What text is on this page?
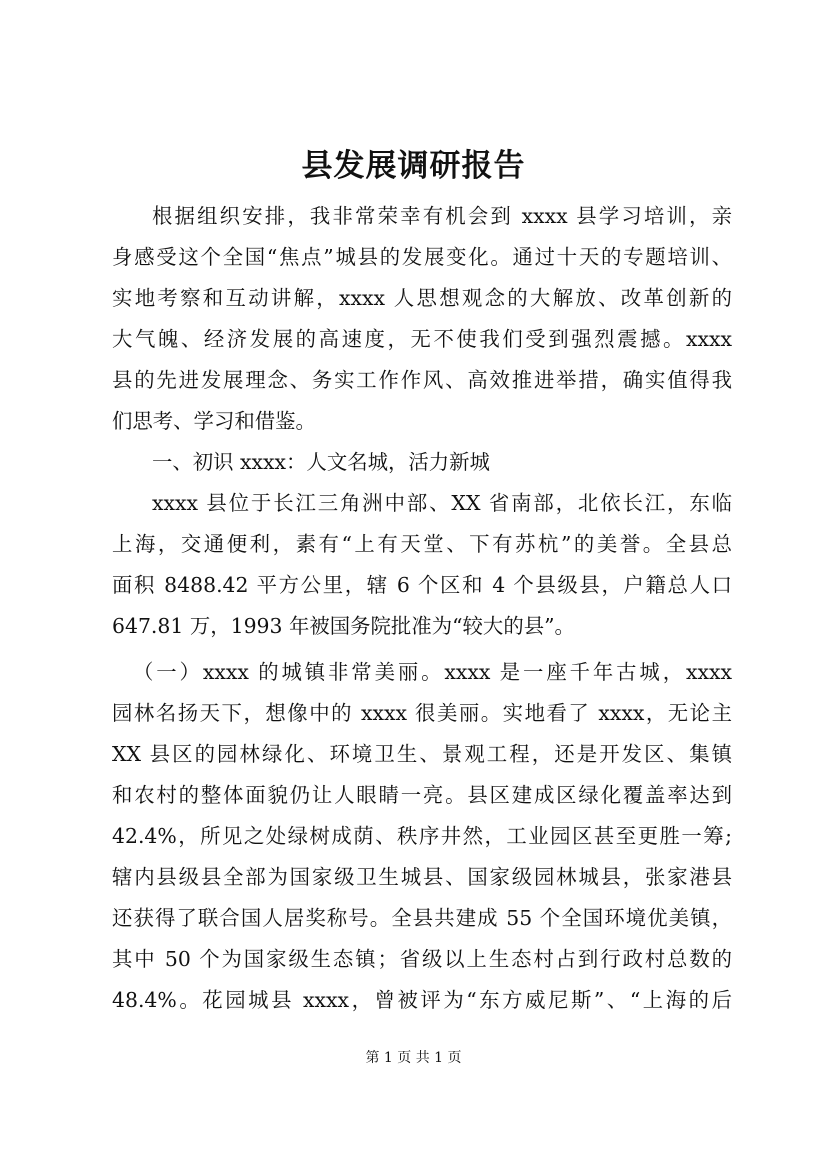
县发展调研报告
根据组织安排，我非常荣幸有机会到 xxxx 县学习培训，亲
身感受这个全国“焦点”城县的发展变化。通过十天的专题培训、
实地考察和互动讲解，xxxx 人思想观念的大解放、改革创新的
大气魄、经济发展的高速度，无不使我们受到强烈震撼。xxxx
县的先进发展理念、务实工作作风、高效推进举措，确实值得我
们思考、学习和借鉴。
一、初识 xxxx：人文名城，活力新城
xxxx 县位于长江三角洲中部、XX 省南部，北依长江，东临
上海，交通便利，素有“上有天堂、下有苏杭”的美誉。全县总
面积 8488.42 平方公里，辖 6 个区和 4 个县级县，户籍总人口
647.81 万，1993 年被国务院批准为“较大的县”。
（一）xxxx 的城镇非常美丽。xxxx 是一座千年古城，xxxx
园林名扬天下，想像中的 xxxx 很美丽。实地看了 xxxx，无论主
XX 县区的园林绿化、环境卫生、景观工程，还是开发区、集镇
和农村的整体面貌仍让人眼睛一亮。县区建成区绿化覆盖率达到
42.4%，所见之处绿树成荫、秩序井然，工业园区甚至更胜一筹;
辖内县级县全部为国家级卫生城县、国家级园林城县，张家港县
还获得了联合国人居奖称号。全县共建成 55 个全国环境优美镇，
其中 50 个为国家级生态镇；省级以上生态村占到行政村总数的
48.4%。花园城县 xxxx，曾被评为“东方威尼斯”、“上海的后
第 1 页 共 1 页
